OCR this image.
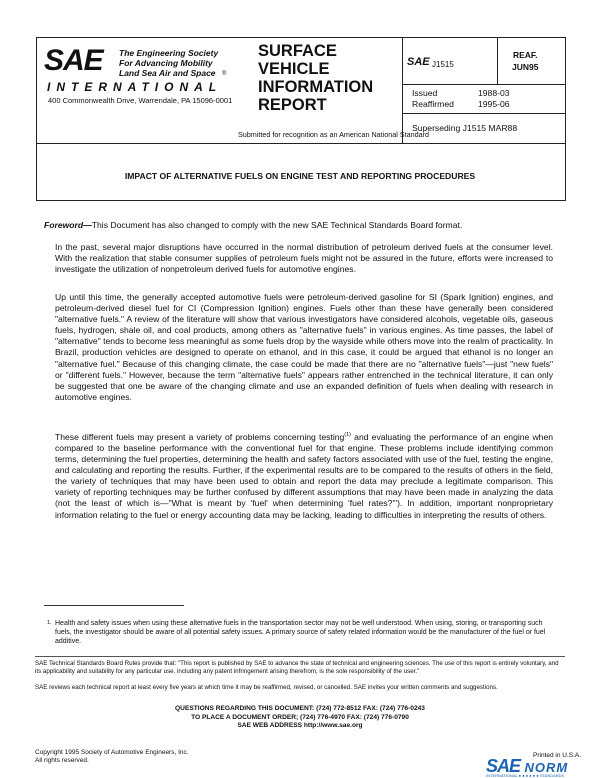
SAE The Engineering Society
For Advancing Mobility
Land Sea Air and Space ®
INTERNATIONAL
400 Commonwealth Drive, Warrendale, PA 15096-0001
SURFACE
VEHICLE
INFORMATION
REPORT
Submitted for recognition as an American National Standard
SAE J1515
REAF.
JUN95
Issued	1988-03
Reaffirmed	1995-06
Superseding J1515 MAR88
IMPACT OF ALTERNATIVE FUELS ON ENGINE TEST AND REPORTING PROCEDURES
Foreword—This Document has also changed to comply with the new SAE Technical Standards Board format.
In the past, several major disruptions have occurred in the normal distribution of petroleum derived fuels at the consumer level. With the realization that stable consumer supplies of petroleum fuels might not be assured in the future, efforts were increased to investigate the utilization of nonpetroleum derived fuels for automotive engines.
Up until this time, the generally accepted automotive fuels were petroleum-derived gasoline for SI (Spark Ignition) engines, and petroleum-derived diesel fuel for CI (Compression Ignition) engines. Fuels other than these have generally been considered "alternative fuels." A review of the literature will show that various investigators have considered alcohols, vegetable oils, gaseous fuels, hydrogen, shale oil, and coal products, among others as "alternative fuels" in various engines. As time passes, the label of "alternative" tends to become less meaningful as some fuels drop by the wayside while others move into the realm of practicality. In Brazil, production vehicles are designed to operate on ethanol, and in this case, it could be argued that ethanol is no longer an "alternative fuel." Because of this changing climate, the case could be made that there are no "alternative fuels"—just "new fuels" or "different fuels." However, because the term "alternative fuels" appears rather entrenched in the technical literature, it can only be suggested that one be aware of the changing climate and use an expanded definition of fuels when dealing with research in automotive engines.
These different fuels may present a variety of problems concerning testing$^{(1)}$ and evaluating the performance of an engine when compared to the baseline performance with the conventional fuel for that engine. These problems include identifying common terms, determining the fuel properties, determining the health and safety factors associated with use of the fuel, testing the engine, and calculating and reporting the results. Further, if the experimental results are to be compared to the results of others in the field, the variety of techniques that may have been used to obtain and report the data may preclude a legitimate comparison. This variety of reporting techniques may be further confused by different assumptions that may have been made in analyzing the data (not the least of which is—"What is meant by 'fuel' when determining 'fuel rates?'"). In addition, important nonproprietary information relating to the fuel or energy accounting data may be lacking, leading to difficulties in interpreting the results of others.
1. Health and safety issues when using these alternative fuels in the transportation sector may not be well understood. When using, storing, or transporting such fuels, the investigator should be aware of all potential safety issues. A primary source of safety related information would be the manufacturer of the fuel or fuel additive.
SAE Technical Standards Board Rules provide that: "This report is published by SAE to advance the state of technical and engineering sciences. The use of this report is entirely voluntary, and its applicability and suitability for any particular use, including any patent infringement arising therefrom, is the sole responsibility of the user."
SAE reviews each technical report at least every five years at which time it may be reaffirmed, revised, or cancelled. SAE invites your written comments and suggestions.
QUESTIONS REGARDING THIS DOCUMENT: (724) 772-8512 FAX: (724) 776-0243
TO PLACE A DOCUMENT ORDER; (724) 776-4970 FAX: (724) 776-0790
SAE WEB ADDRESS http://www.sae.org
Copyright 1995 Society of Automotive Engineers, Inc.
All rights reserved.
Printed in U.S.A.
SAE NORM
INTERNATIONAL ● ● ● ● ● ● STANDARDS
